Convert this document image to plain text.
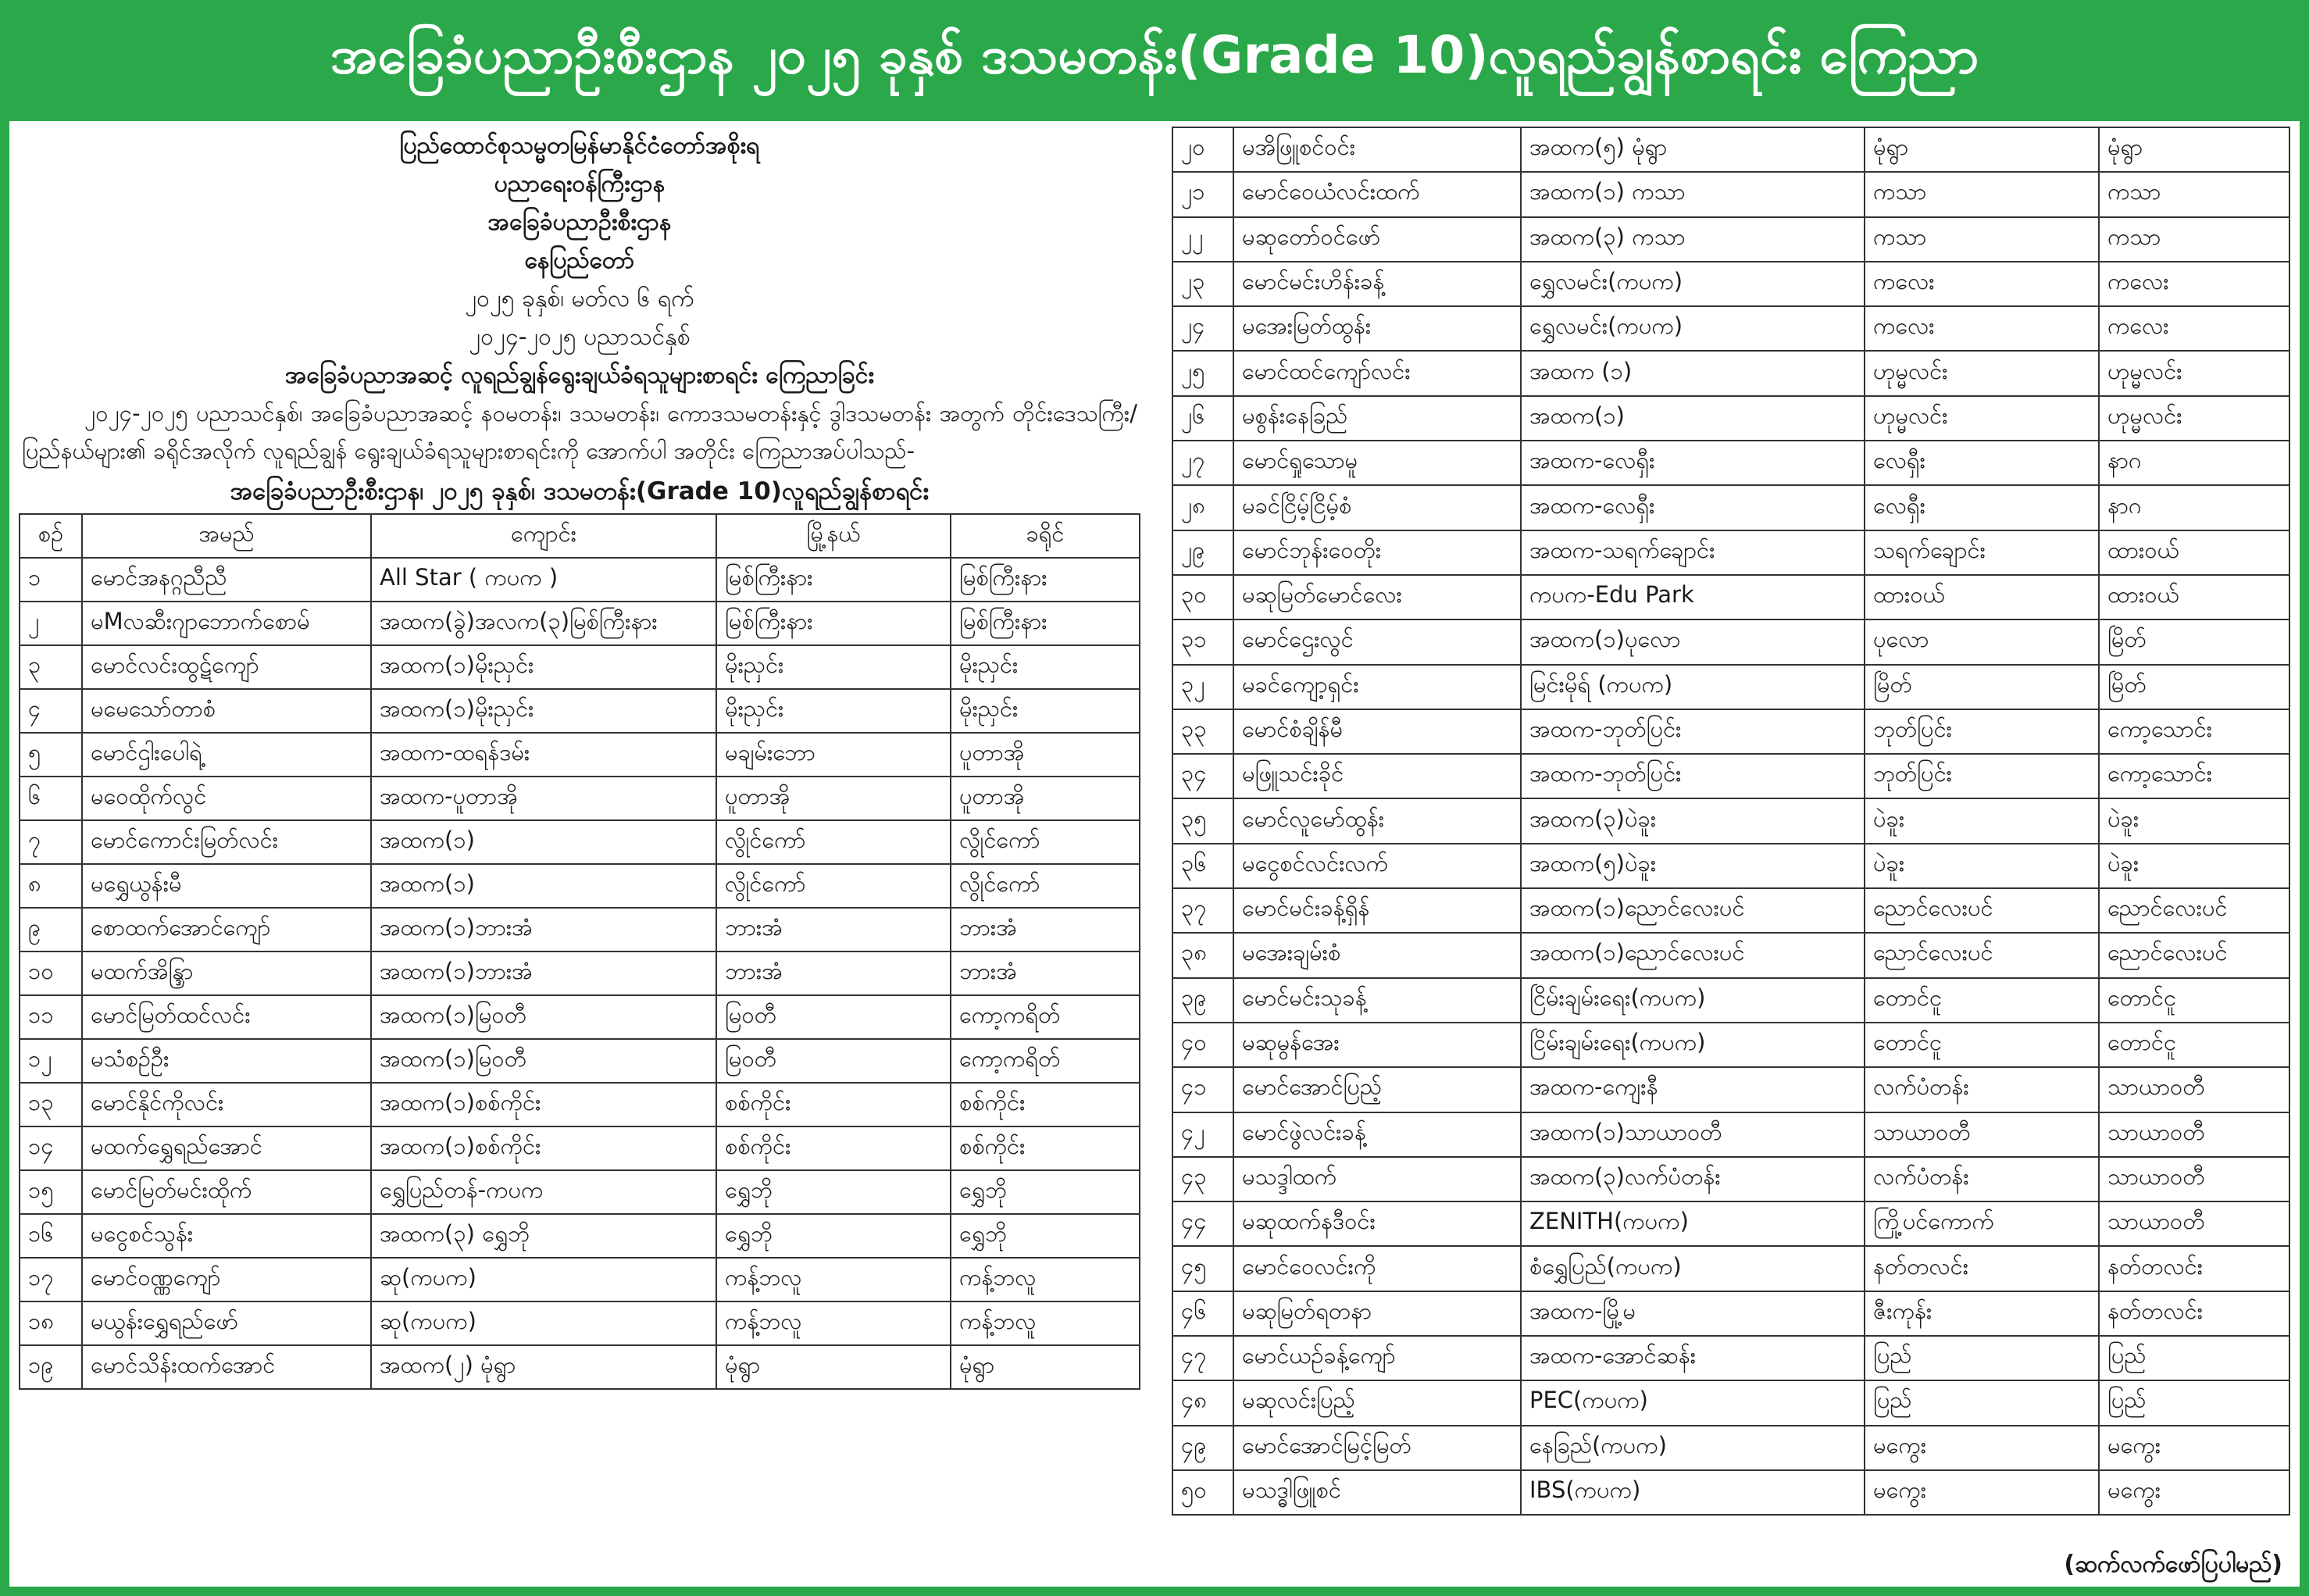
အခြေခံပညာဦးစီးဌာန ၂၀၂၅ ခုနှစ် ဒသမတန်း(Grade 10)လူရည်ချွန်စာရင်း ကြေညာ
ပြည်ထောင်စုသမ္မတမြန်မာနိုင်ငံတော်အစိုးရ
ပညာရေးဝန်ကြီးဌာန
အခြေခံပညာဦးစီးဌာန
နေပြည်တော်
၂၀၂၅ ခုနှစ်၊ မတ်လ ၆ ရက်
၂၀၂၄-၂၀၂၅ ပညာသင်နှစ်
အခြေခံပညာအဆင့် လူရည်ချွန်ရွေးချယ်ခံရသူများစာရင်း ကြေညာခြင်း

၂၀၂၄-၂၀၂၅ ပညာသင်နှစ်၊ အခြေခံပညာအဆင့် နဝမတန်း၊ ဒသမတန်း၊ ကောဒသမတန်းနှင့် ဒွါဒသမတန်း အတွက် တိုင်းဒေသကြီး/ပြည်နယ်များ၏ ခရိုင်အလိုက် လူရည်ချွန် ရွေးချယ်ခံရသူများစာရင်းကို အောက်ပါ အတိုင်း ကြေညာအပ်ပါသည်-

အခြေခံပညာဦးစီးဌာန၊ ၂၀၂၅ ခုနှစ်၊ ဒသမတန်း(Grade 10)လူရည်ချွန်စာရင်း
စဉ်	အမည်	ကျောင်း	မြို့နယ်	ခရိုင်
၁	မောင်အနဂ္ဂညီညီ	All Star ( ကပက )	မြစ်ကြီးနား	မြစ်ကြီးနား
၂	မMလဆီးဂျာဘောက်စောမ်	အထက(ခွဲ)အလက(၃)မြစ်ကြီးနား	မြစ်ကြီးနား	မြစ်ကြီးနား
၃	မောင်လင်းထွဋ်ကျော်	အထက(၁)မိုးညှင်း	မိုးညှင်း	မိုးညှင်း
၄	မမေသော်တာစံ	အထက(၁)မိုးညှင်း	မိုးညှင်း	မိုးညှင်း
၅	မောင်ဌါးပေါရဲ့	အထက-ထရန်ဒမ်း	မချမ်းဘော	ပူတာအို
၆	မဝေထိုက်လွင်	အထက-ပူတာအို	ပူတာအို	ပူတာအို
၇	မောင်ကောင်းမြတ်လင်း	အထက(၁)	လွိုင်ကော်	လွိုင်ကော်
၈	မရွှေယွန်းမီ	အထက(၁)	လွိုင်ကော်	လွိုင်ကော်
၉	စောထက်အောင်ကျော်	အထက(၁)ဘားအံ	ဘားအံ	ဘားအံ
၁၀	မထက်အိန္ဒြာ	အထက(၁)ဘားအံ	ဘားအံ	ဘားအံ
၁၁	မောင်မြတ်ထင်လင်း	အထက(၁)မြဝတီ	မြဝတီ	ကော့ကရိတ်
၁၂	မသံစဉ်ဦး	အထက(၁)မြဝတီ	မြဝတီ	ကော့ကရိတ်
၁၃	မောင်နိုင်ကိုလင်း	အထက(၁)စစ်ကိုင်း	စစ်ကိုင်း	စစ်ကိုင်း
၁၄	မထက်ရွှေရည်အောင်	အထက(၁)စစ်ကိုင်း	စစ်ကိုင်း	စစ်ကိုင်း
၁၅	မောင်မြတ်မင်းထိုက်	ရွှေပြည်တန်-ကပက	ရွှေဘို	ရွှေဘို
၁၆	မငွေစင်သွန်း	အထက(၃) ရွှေဘို	ရွှေဘို	ရွှေဘို
၁၇	မောင်ဝဏ္ဏကျော်	ဆု(ကပက)	ကန့်ဘလူ	ကန့်ဘလူ
၁၈	မယွန်းရွှေရည်ဖော်	ဆု(ကပက)	ကန့်ဘလူ	ကန့်ဘလူ
၁၉	မောင်သိန်းထက်အောင်	အထက(၂) မုံရွာ	မုံရွာ	မုံရွာ
၂၀	မအိဖြူစင်ဝင်း	အထက(၅) မုံရွာ	မုံရွာ	မုံရွာ
၂၁	မောင်ဝေယံလင်းထက်	အထက(၁) ကသာ	ကသာ	ကသာ
၂၂	မဆုတော်ဝင်ဖော်	အထက(၃) ကသာ	ကသာ	ကသာ
၂၃	မောင်မင်းဟိန်းခန့်	ရွှေလမင်း(ကပက)	ကလေး	ကလေး
၂၄	မအေးမြတ်ထွန်း	ရွှေလမင်း(ကပက)	ကလေး	ကလေး
၂၅	မောင်ထင်ကျော်လင်း	အထက (၁)	ဟုမ္မလင်း	ဟုမ္မလင်း
၂၆	မစွန်းနေခြည်	အထက(၁)	ဟုမ္မလင်း	ဟုမ္မလင်း
၂၇	မောင်ရှုသောမူ	အထက-လေရှီး	လေရှီး	နာဂ
၂၈	မခင်ငြိမ့်ငြိမ့်စံ	အထက-လေရှီး	လေရှီး	နာဂ
၂၉	မောင်ဘုန်းဝေတိုး	အထက-သရက်ချောင်း	သရက်ချောင်း	ထားဝယ်
၃၀	မဆုမြတ်မောင်လေး	ကပက-Edu Park	ထားဝယ်	ထားဝယ်
၃၁	မောင်ဌေးလွင်	အထက(၁)ပုလော	ပုလော	မြိတ်
၃၂	မခင်ကျော့ရှင်း	မြင်းမိုရ် (ကပက)	မြိတ်	မြိတ်
၃၃	မောင်စံချိန်မီ	အထက-ဘုတ်ပြင်း	ဘုတ်ပြင်း	ကော့သောင်း
၃၄	မဖြူသင်းခိုင်	အထက-ဘုတ်ပြင်း	ဘုတ်ပြင်း	ကော့သောင်း
၃၅	မောင်လူမော်ထွန်း	အထက(၃)ပဲခူး	ပဲခူး	ပဲခူး
၃၆	မငွေစင်လင်းလက်	အထက(၅)ပဲခူး	ပဲခူး	ပဲခူး
၃၇	မောင်မင်းခန့်ရှိန်	အထက(၁)ညောင်လေးပင်	ညောင်လေးပင်	ညောင်လေးပင်
၃၈	မအေးချမ်းစံ	အထက(၁)ညောင်လေးပင်	ညောင်လေးပင်	ညောင်လေးပင်
၃၉	မောင်မင်းသုခန့်	ငြိမ်းချမ်းရေး(ကပက)	တောင်ငူ	တောင်ငူ
၄၀	မဆုမွန်အေး	ငြိမ်းချမ်းရေး(ကပက)	တောင်ငူ	တောင်ငူ
၄၁	မောင်အောင်ပြည့်	အထက-ကျေးနီ	လက်ပံတန်း	သာယာဝတီ
၄၂	မောင်ဖွဲလင်းခန့်	အထက(၁)သာယာဝတီ	သာယာဝတီ	သာယာဝတီ
၄၃	မသဒ္ဒါထက်	အထက(၃)လက်ပံတန်း	လက်ပံတန်း	သာယာဝတီ
၄၄	မဆုထက်နဒီဝင်း	ZENITH(ကပက)	ကြို့ပင်ကောက်	သာယာဝတီ
၄၅	မောင်ဝေလင်းကို	စံရွှေပြည်(ကပက)	နတ်တလင်း	နတ်တလင်း
၄၆	မဆုမြတ်ရတနာ	အထက-မြို့မ	ဇီးကုန်း	နတ်တလင်း
၄၇	မောင်ယဉ်ခန့်ကျော်	အထက-အောင်ဆန်း	ပြည်	ပြည်
၄၈	မဆုလင်းပြည့်	PEC(ကပက)	ပြည်	ပြည်
၄၉	မောင်အောင်မြင့်မြတ်	နေခြည်(ကပက)	မကွေး	မကွေး
၅၀	မသဒ္ဓါဖြူစင်	IBS(ကပက)	မကွေး	မကွေး
(ဆက်လက်ဖော်ပြပါမည်)
